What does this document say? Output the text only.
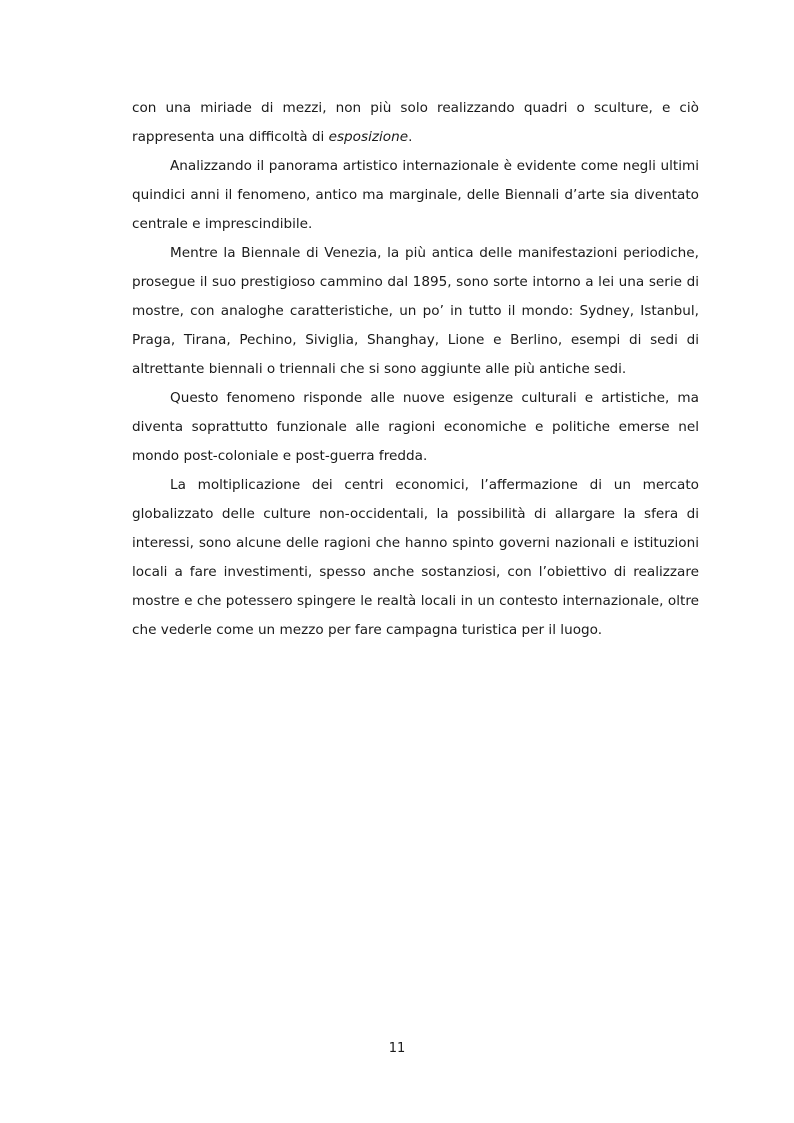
con una miriade di mezzi, non più solo realizzando quadri o sculture, e ciò rappresenta una difficoltà di esposizione.

Analizzando il panorama artistico internazionale è evidente come negli ultimi quindici anni il fenomeno, antico ma marginale, delle Biennali d’arte sia diventato centrale e imprescindibile.

Mentre la Biennale di Venezia, la più antica delle manifestazioni periodiche, prosegue il suo prestigioso cammino dal 1895, sono sorte intorno a lei una serie di mostre, con analoghe caratteristiche, un po’ in tutto il mondo: Sydney, Istanbul, Praga, Tirana, Pechino, Siviglia, Shanghay, Lione e Berlino, esempi di sedi di altrettante biennali o triennali che si sono aggiunte alle più antiche sedi.

Questo fenomeno risponde alle nuove esigenze culturali e artistiche, ma diventa soprattutto funzionale alle ragioni economiche e politiche emerse nel mondo post-coloniale e post-guerra fredda.

La moltiplicazione dei centri economici, l’affermazione di un mercato globalizzato delle culture non-occidentali, la possibilità di allargare la sfera di interessi, sono alcune delle ragioni che hanno spinto governi nazionali e istituzioni locali a fare investimenti, spesso anche sostanziosi, con l’obiettivo di realizzare mostre e che potessero spingere le realtà locali in un contesto internazionale, oltre che vederle come un mezzo per fare campagna turistica per il luogo.

11
